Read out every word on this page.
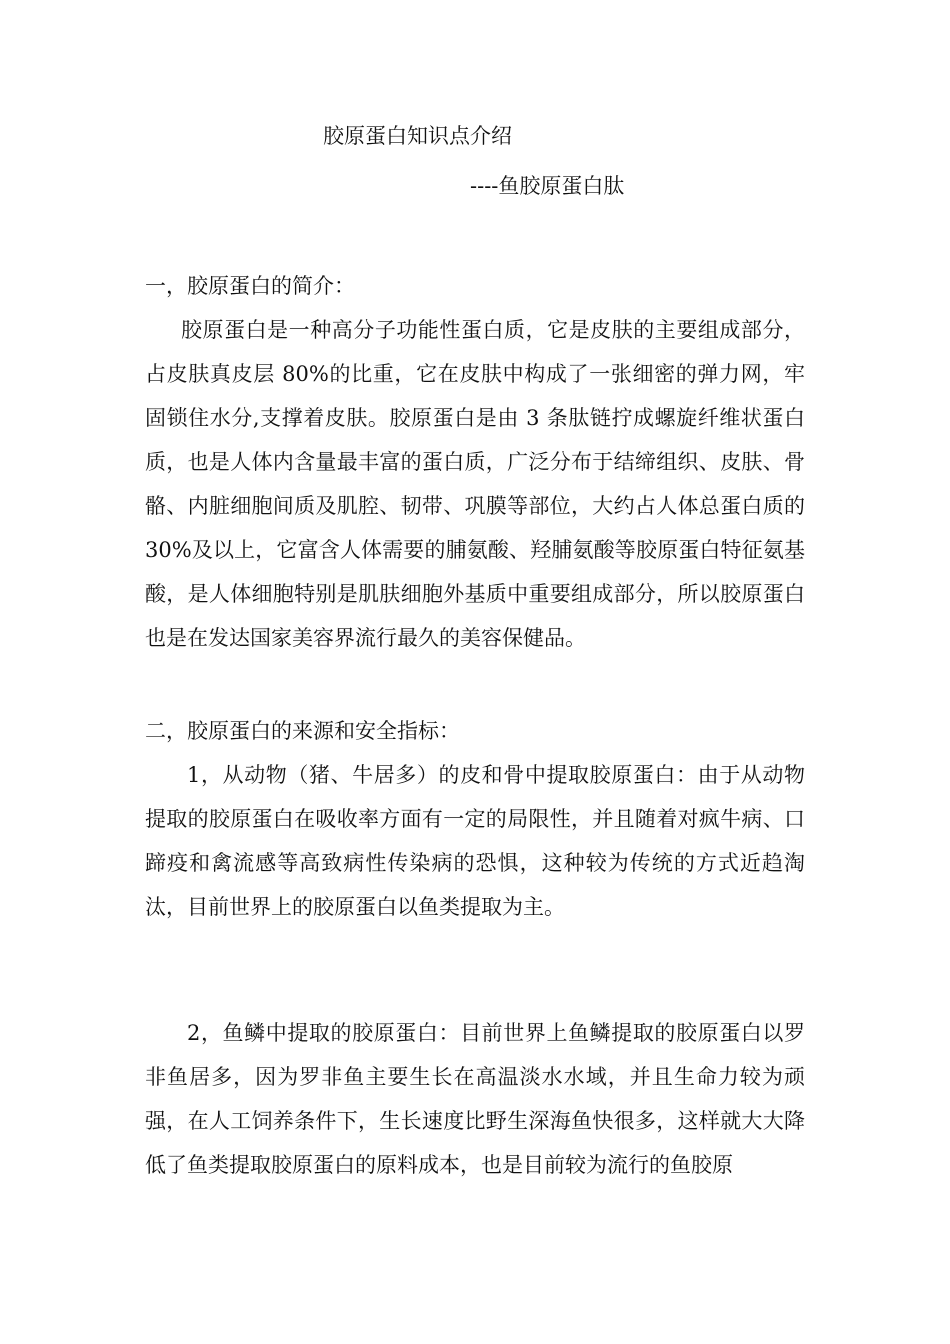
胶原蛋白知识点介绍
----鱼胶原蛋白肽

一，胶原蛋白的简介：

胶原蛋白是一种高分子功能性蛋白质，它是皮肤的主要组成部分，占皮肤真皮层 80%的比重，它在皮肤中构成了一张细密的弹力网，牢固锁住水分,支撑着皮肤。胶原蛋白是由 3 条肽链拧成螺旋纤维状蛋白质，也是人体内含量最丰富的蛋白质，广泛分布于结缔组织、皮肤、骨骼、内脏细胞间质及肌腔、韧带、巩膜等部位，大约占人体总蛋白质的 30%及以上，它富含人体需要的脯氨酸、羟脯氨酸等胶原蛋白特征氨基酸，是人体细胞特别是肌肤细胞外基质中重要组成部分，所以胶原蛋白也是在发达国家美容界流行最久的美容保健品。

二，胶原蛋白的来源和安全指标：

1，从动物（猪、牛居多）的皮和骨中提取胶原蛋白：由于从动物提取的胶原蛋白在吸收率方面有一定的局限性，并且随着对疯牛病、口蹄疫和禽流感等高致病性传染病的恐惧，这种较为传统的方式近趋淘汰，目前世界上的胶原蛋白以鱼类提取为主。

2，鱼鳞中提取的胶原蛋白：目前世界上鱼鳞提取的胶原蛋白以罗非鱼居多，因为罗非鱼主要生长在高温淡水水域，并且生命力较为顽强，在人工饲养条件下，生长速度比野生深海鱼快很多，这样就大大降低了鱼类提取胶原蛋白的原料成本，也是目前较为流行的鱼胶原
